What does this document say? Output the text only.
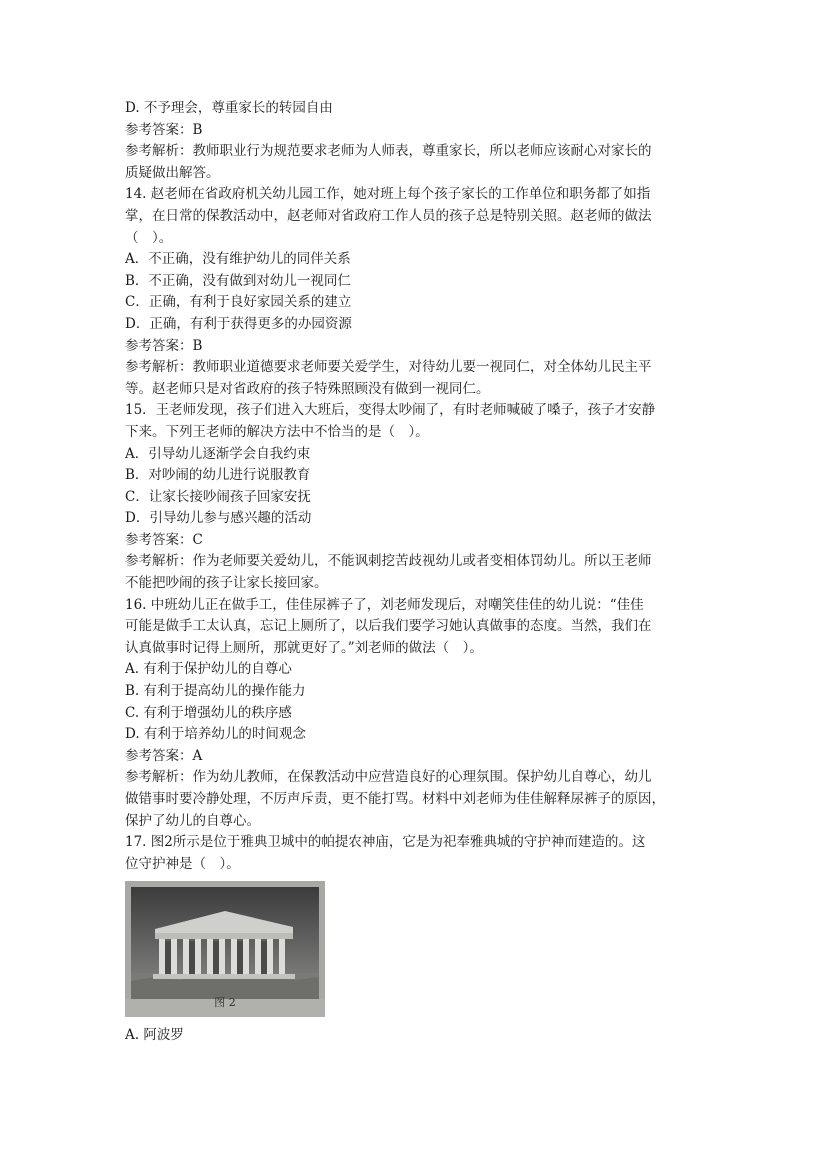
D. 不予理会，尊重家长的转园自由
参考答案：B
参考解析：教师职业行为规范要求老师为人师表，尊重家长，所以老师应该耐心对家长的
质疑做出解答。
14. 赵老师在省政府机关幼儿园工作，她对班上每个孩子家长的工作单位和职务都了如指
掌，在日常的保教活动中，赵老师对省政府工作人员的孩子总是特别关照。赵老师的做法
（　）。
A．不正确，没有维护幼儿的同伴关系
B．不正确，没有做到对幼儿一视同仁
C．正确，有利于良好家园关系的建立
D．正确，有利于获得更多的办园资源
参考答案：B
参考解析：教师职业道德要求老师要关爱学生，对待幼儿要一视同仁，对全体幼儿民主平
等。赵老师只是对省政府的孩子特殊照顾没有做到一视同仁。
15．王老师发现，孩子们进入大班后，变得太吵闹了，有时老师喊破了嗓子，孩子才安静
下来。下列王老师的解决方法中不恰当的是（　）。
A．引导幼儿逐渐学会自我约束
B．对吵闹的幼儿进行说服教育
C．让家长接吵闹孩子回家安抚
D．引导幼儿参与感兴趣的活动
参考答案：C
参考解析：作为老师要关爱幼儿，不能讽刺挖苦歧视幼儿或者变相体罚幼儿。所以王老师
不能把吵闹的孩子让家长接回家。
16. 中班幼儿正在做手工，佳佳尿裤子了，刘老师发现后，对嘲笑佳佳的幼儿说：“佳佳
可能是做手工太认真，忘记上厕所了，以后我们要学习她认真做事的态度。当然，我们在
认真做事时记得上厕所，那就更好了。”刘老师的做法（　）。
A. 有利于保护幼儿的自尊心
B. 有利于提高幼儿的操作能力
C. 有利于增强幼儿的秩序感
D. 有利于培养幼儿的时间观念
参考答案：A
参考解析：作为幼儿教师，在保教活动中应营造良好的心理氛围。保护幼儿自尊心，幼儿
做错事时要冷静处理，不厉声斥责，更不能打骂。材料中刘老师为佳佳解释尿裤子的原因，
保护了幼儿的自尊心。
17. 图2所示是位于雅典卫城中的帕提农神庙，它是为祀奉雅典城的守护神而建造的。这
位守护神是（　）。
图 2
A. 阿波罗
